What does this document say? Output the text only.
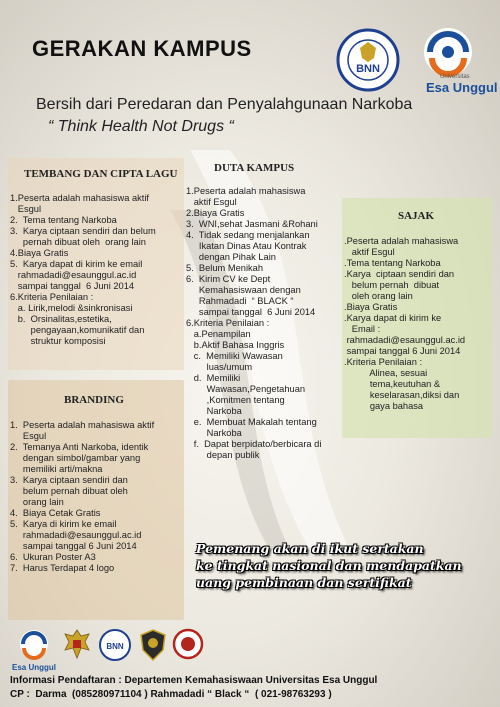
GERAKAN KAMPUS
BNN
Universitas
Esa Unggul
Bersih dari Peredaran dan Penyalahgunaan Narkoba
“ Think Health Not Drugs “
TEMBANG DAN CIPTA LAGU
1.Peserta adalah mahasiswa aktif
Esgul
2.  Tema tentang Narkoba
3.  Karya ciptaan sendiri dan belum
pernah dibuat oleh  orang lain
4.Biaya Gratis
5.  Karya dapat di kirim ke email
rahmadadi@esaunggul.ac.id
sampai tanggal  6 Juni 2014
6.Kriteria Penilaian :
a. Lirik,melodi &sinkronisasi
b.  Orsinalitas,estetika,
pengayaan,komunikatif dan
struktur komposisi
BRANDING
1.  Peserta adalah mahasiswa aktif
Esgul
2.  Temanya Anti Narkoba, identik
dengan simbol/gambar yang
memiliki arti/makna
3.  Karya ciptaan sendiri dan
belum pernah dibuat oleh
orang lain
4.  Biaya Cetak Gratis
5.  Karya di kirim ke email
rahmadadi@esaunggul.ac.id
sampai tanggal 6 Juni 2014
6.  Ukuran Poster A3
7.  Harus Terdapat 4 logo
DUTA KAMPUS
1.Peserta adalah mahasiswa
aktif Esgul
2.Biaya Gratis
3.  WNI,sehat Jasmani &Rohani
4.  Tidak sedang menjalankan
Ikatan Dinas Atau Kontrak
dengan Pihak Lain
5.  Belum Menikah
6.  Kirim CV ke Dept
Kemahasiswaan dengan
Rahmadadi  “ BLACK “
sampai tanggal  6 Juni 2014
6.Kriteria Penilaian :
a.Penampilan
b.Aktif Bahasa Inggris
c.  Memiliki Wawasan
luas/umum
d.  Memiliki
Wawasan,Pengetahuan
,Komitmen tentang
Narkoba
e.  Membuat Makalah tentang
Narkoba
f.  Dapat berpidato/berbicara di
depan publik
SAJAK
.Peserta adalah mahasiswa
aktif Esgul
.Tema tentang Narkoba
.Karya  ciptaan sendiri dan
belum pernah  dibuat
oleh orang lain
.Biaya Gratis
.Karya dapat di kirim ke
Email :
rahmadadi@esaunggul.ac.id
sampai tanggal 6 Juni 2014
.Kriteria Penilaian :
Alinea, sesuai
tema,keutuhan &
keselarasan,diksi dan
gaya bahasa
Pemenang akan di ikut sertakan
ke tingkat nasional dan mendapatkan
uang pembinaan dan sertifikat
Esa Unggul
BNN
Informasi Pendaftaran : Departemen Kemahasiswaan Universitas Esa Unggul
CP :  Darma  (085280971104 ) Rahmadadi “ Black “  ( 021-98763293 )
